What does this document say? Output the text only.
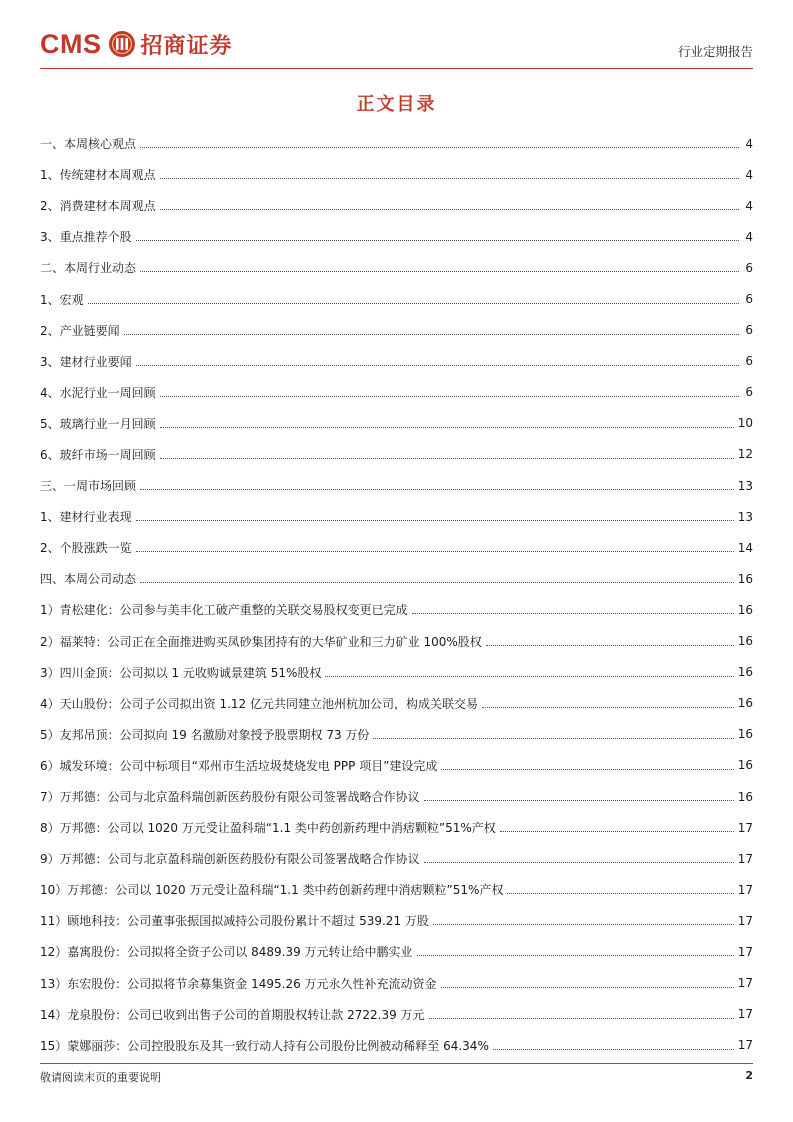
CMS 招商证券	行业定期报告
正文目录
一、本周核心观点	4
1、传统建材本周观点	4
2、消费建材本周观点	4
3、重点推荐个股	4
二、本周行业动态	6
1、宏观	6
2、产业链要闻	6
3、建材行业要闻	6
4、水泥行业一周回顾	6
5、玻璃行业一月回顾	10
6、玻纤市场一周回顾	12
三、一周市场回顾	13
1、建材行业表现	13
2、个股涨跌一览	14
四、本周公司动态	16
1）青松建化：公司参与美丰化工破产重整的关联交易股权变更已完成	16
2）福莱特：公司正在全面推进购买凤砂集团持有的大华矿业和三力矿业 100%股权	16
3）四川金顶：公司拟以 1 元收购诚景建筑 51%股权	16
4）天山股份：公司子公司拟出资 1.12 亿元共同建立池州杭加公司，构成关联交易	16
5）友邦吊顶：公司拟向 19 名激励对象授予股票期权 73 万份	16
6）城发环境：公司中标项目“邓州市生活垃圾焚烧发电 PPP 项目”建设完成	16
7）万邦德：公司与北京盈科瑞创新医药股份有限公司签署战略合作协议	16
8）万邦德：公司以 1020 万元受让盈科瑞“1.1 类中药创新药理中消痞颗粒”51%产权	17
9）万邦德：公司与北京盈科瑞创新医药股份有限公司签署战略合作协议	17
10）万邦德：公司以 1020 万元受让盈科瑞“1.1 类中药创新药理中消痞颗粒”51%产权	17
11）顾地科技：公司董事张振国拟减持公司股份累计不超过 539.21 万股	17
12）嘉寓股份：公司拟将全资子公司以 8489.39 万元转让给中鹏实业	17
13）东宏股份：公司拟将节余募集资金 1495.26 万元永久性补充流动资金	17
14）龙泉股份：公司已收到出售子公司的首期股权转让款 2722.39 万元	17
15）蒙娜丽莎：公司控股股东及其一致行动人持有公司股份比例被动稀释至 64.34%	17
敬请阅读末页的重要说明	2
